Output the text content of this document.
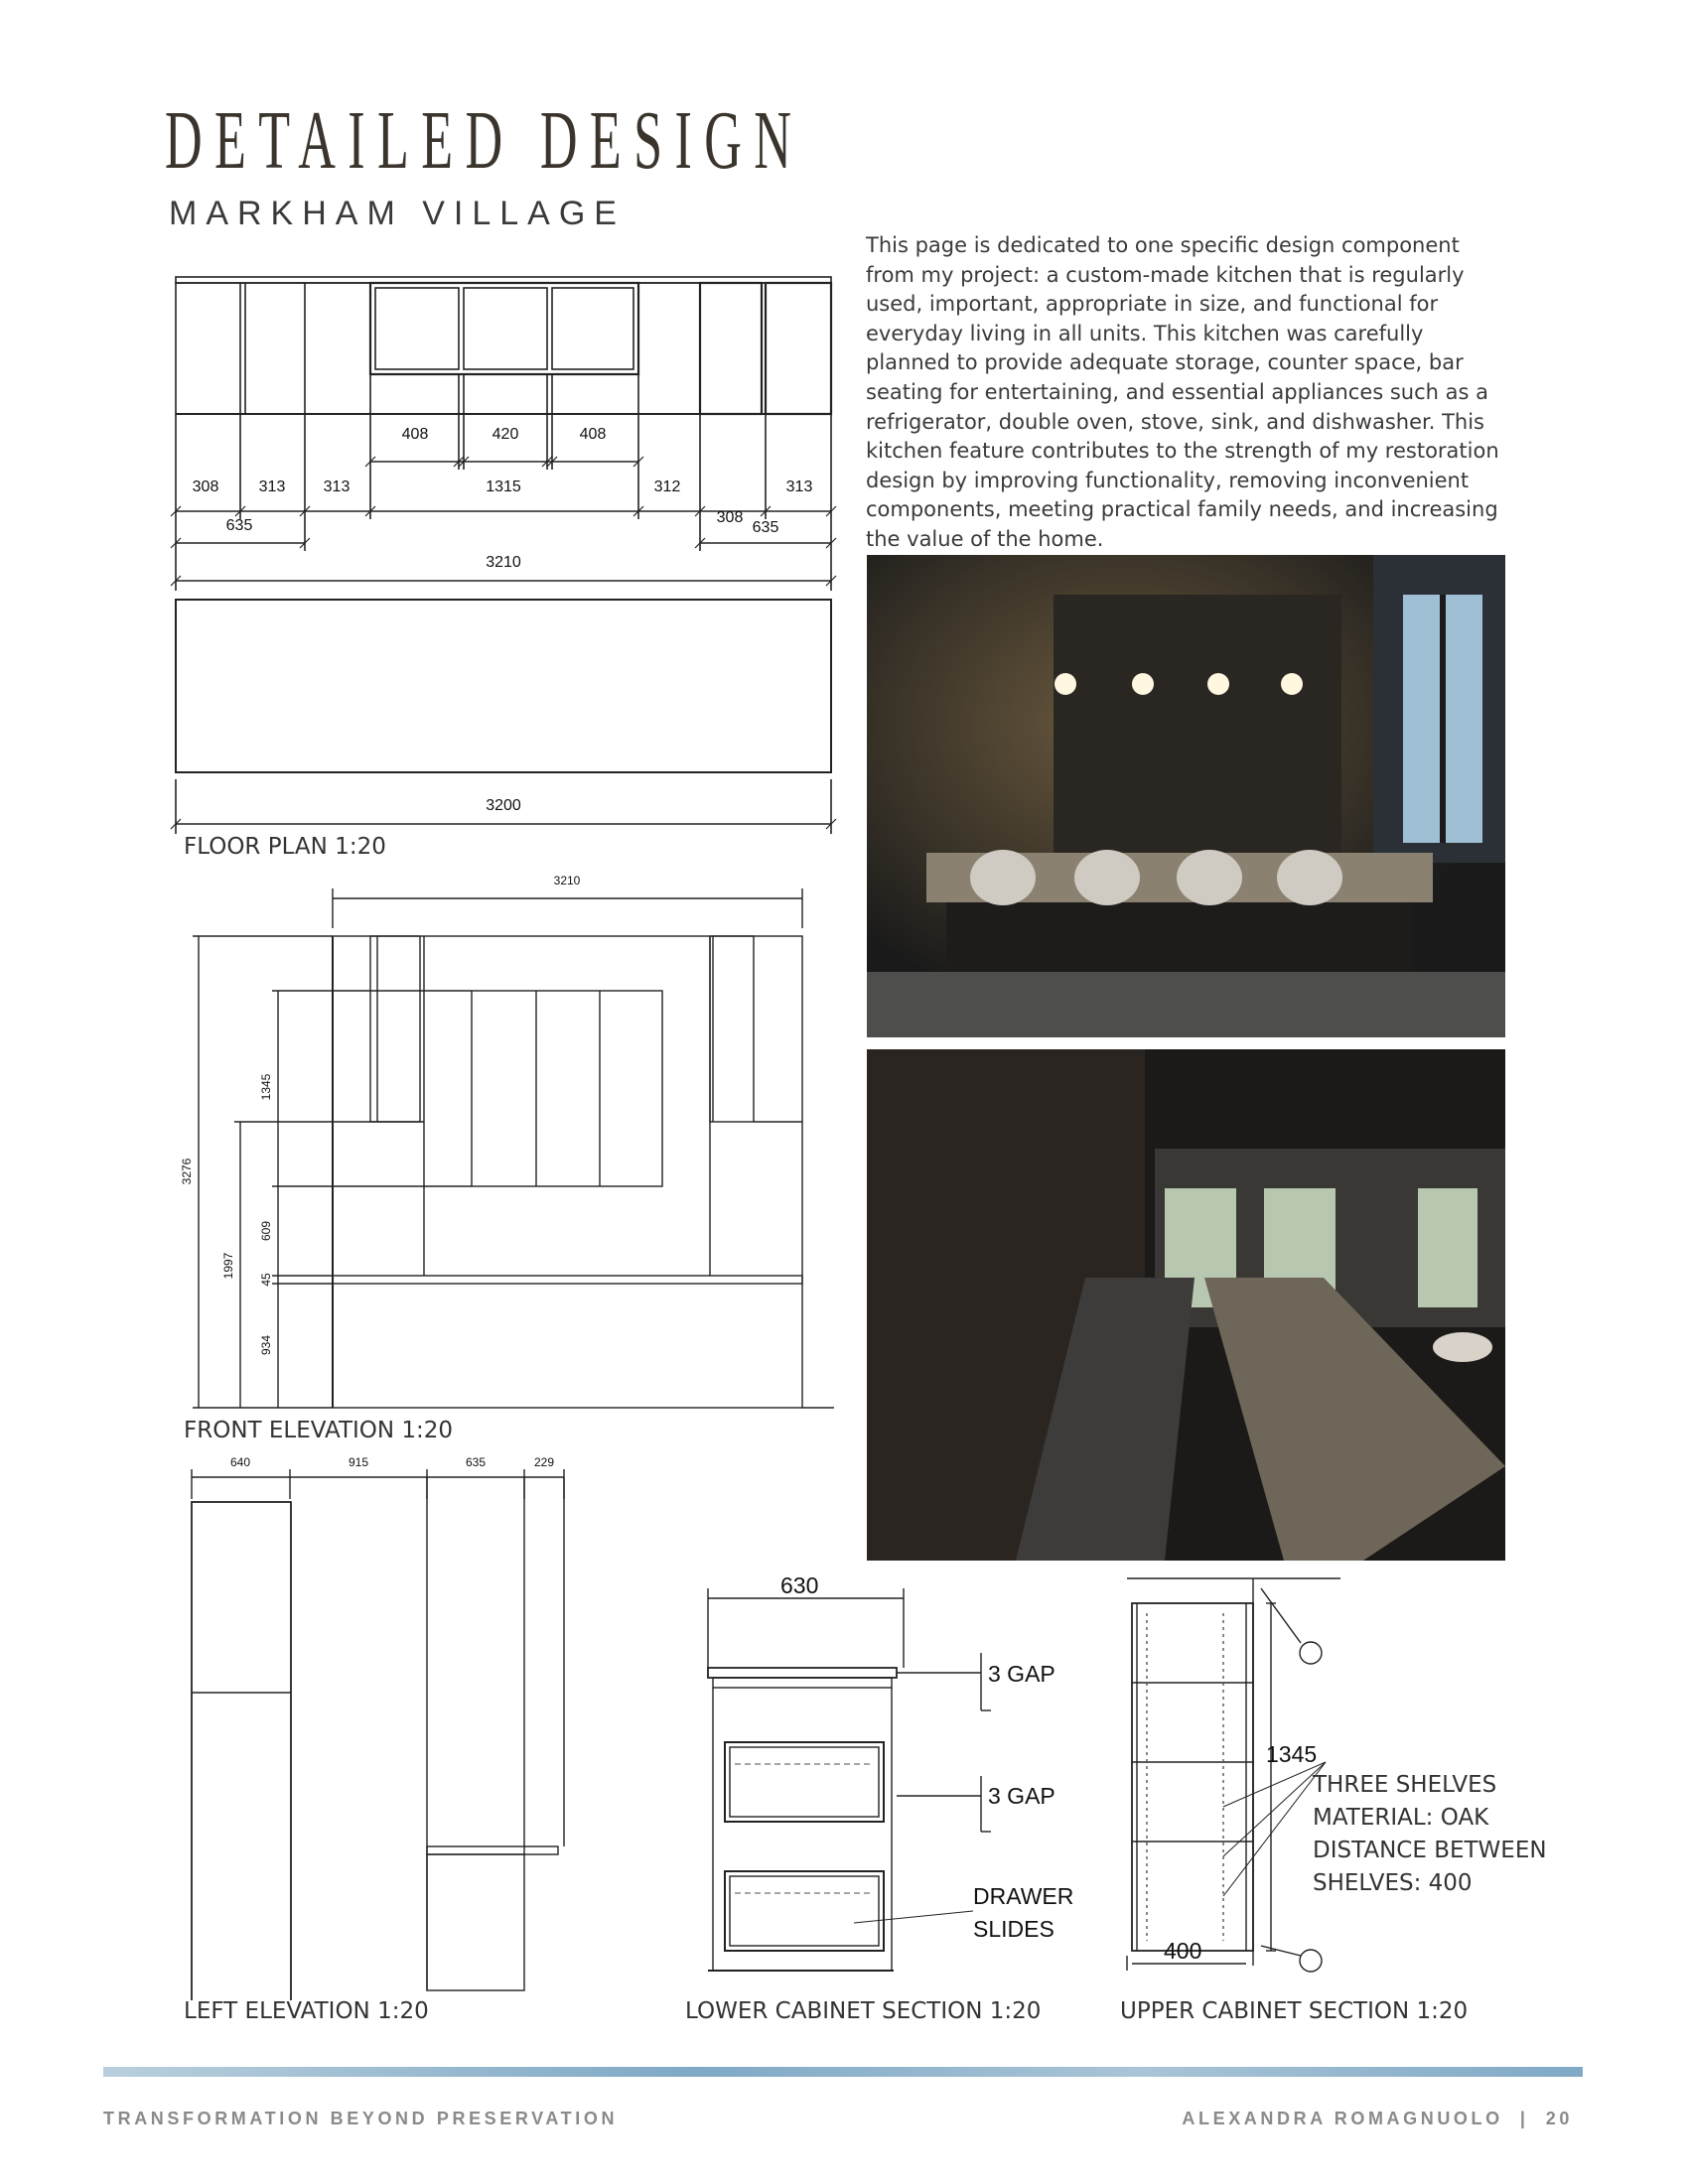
DETAILED DESIGN
MARKHAM VILLAGE
This page is dedicated to one specific design component from my project: a custom-made kitchen that is regularly used, important, appropriate in size, and functional for everyday living in all units. This kitchen was carefully planned to provide adequate storage, counter space, bar seating for entertaining, and essential appliances such as a refrigerator, double oven, stove, sink, and dishwasher. This kitchen feature contributes to the strength of my restoration design by improving functionality, removing inconvenient components, meeting practical family needs, and increasing the value of the home.
408	420	408
308	313 313	1315	312	313
635	308
635
3210
3200
FLOOR PLAN 1:20
3210
3276
1345
1997
609
45
934
FRONT ELEVATION 1:20
640	915	635	229
LEFT ELEVATION 1:20
630
3 GAP
3 GAP
DRAWER
SLIDES
LOWER CABINET SECTION 1:20
1345
400
THREE SHELVES
MATERIAL: OAK
DISTANCE BETWEEN
SHELVES: 400
UPPER CABINET SECTION 1:20
TRANSFORMATION BEYOND PRESERVATION	ALEXANDRA ROMAGNUOLO  |  20
